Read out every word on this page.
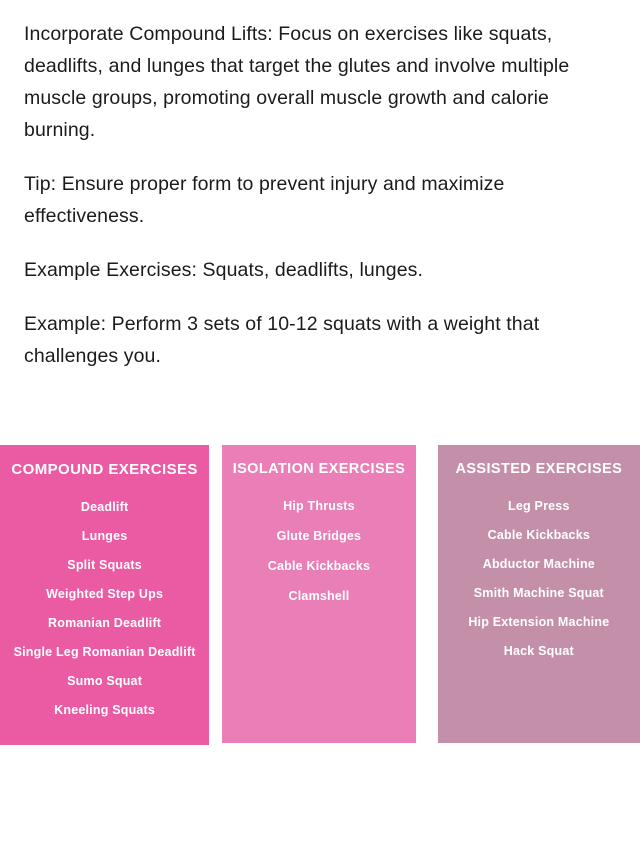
Incorporate Compound Lifts: Focus on exercises like squats, deadlifts, and lunges that target the glutes and involve multiple muscle groups, promoting overall muscle growth and calorie burning.

Tip: Ensure proper form to prevent injury and maximize effectiveness.

Example Exercises: Squats, deadlifts, lunges.

Example: Perform 3 sets of 10-12 squats with a weight that challenges you.

COMPOUND EXERCISES
Deadlift
Lunges
Split Squats
Weighted Step Ups
Romanian Deadlift
Single Leg Romanian Deadlift
Sumo Squat
Kneeling Squats
ISOLATION EXERCISES
Hip Thrusts
Glute Bridges
Cable Kickbacks
Clamshell
ASSISTED EXERCISES
Leg Press
Cable Kickbacks
Abductor Machine
Smith Machine Squat
Hip Extension Machine
Hack Squat
